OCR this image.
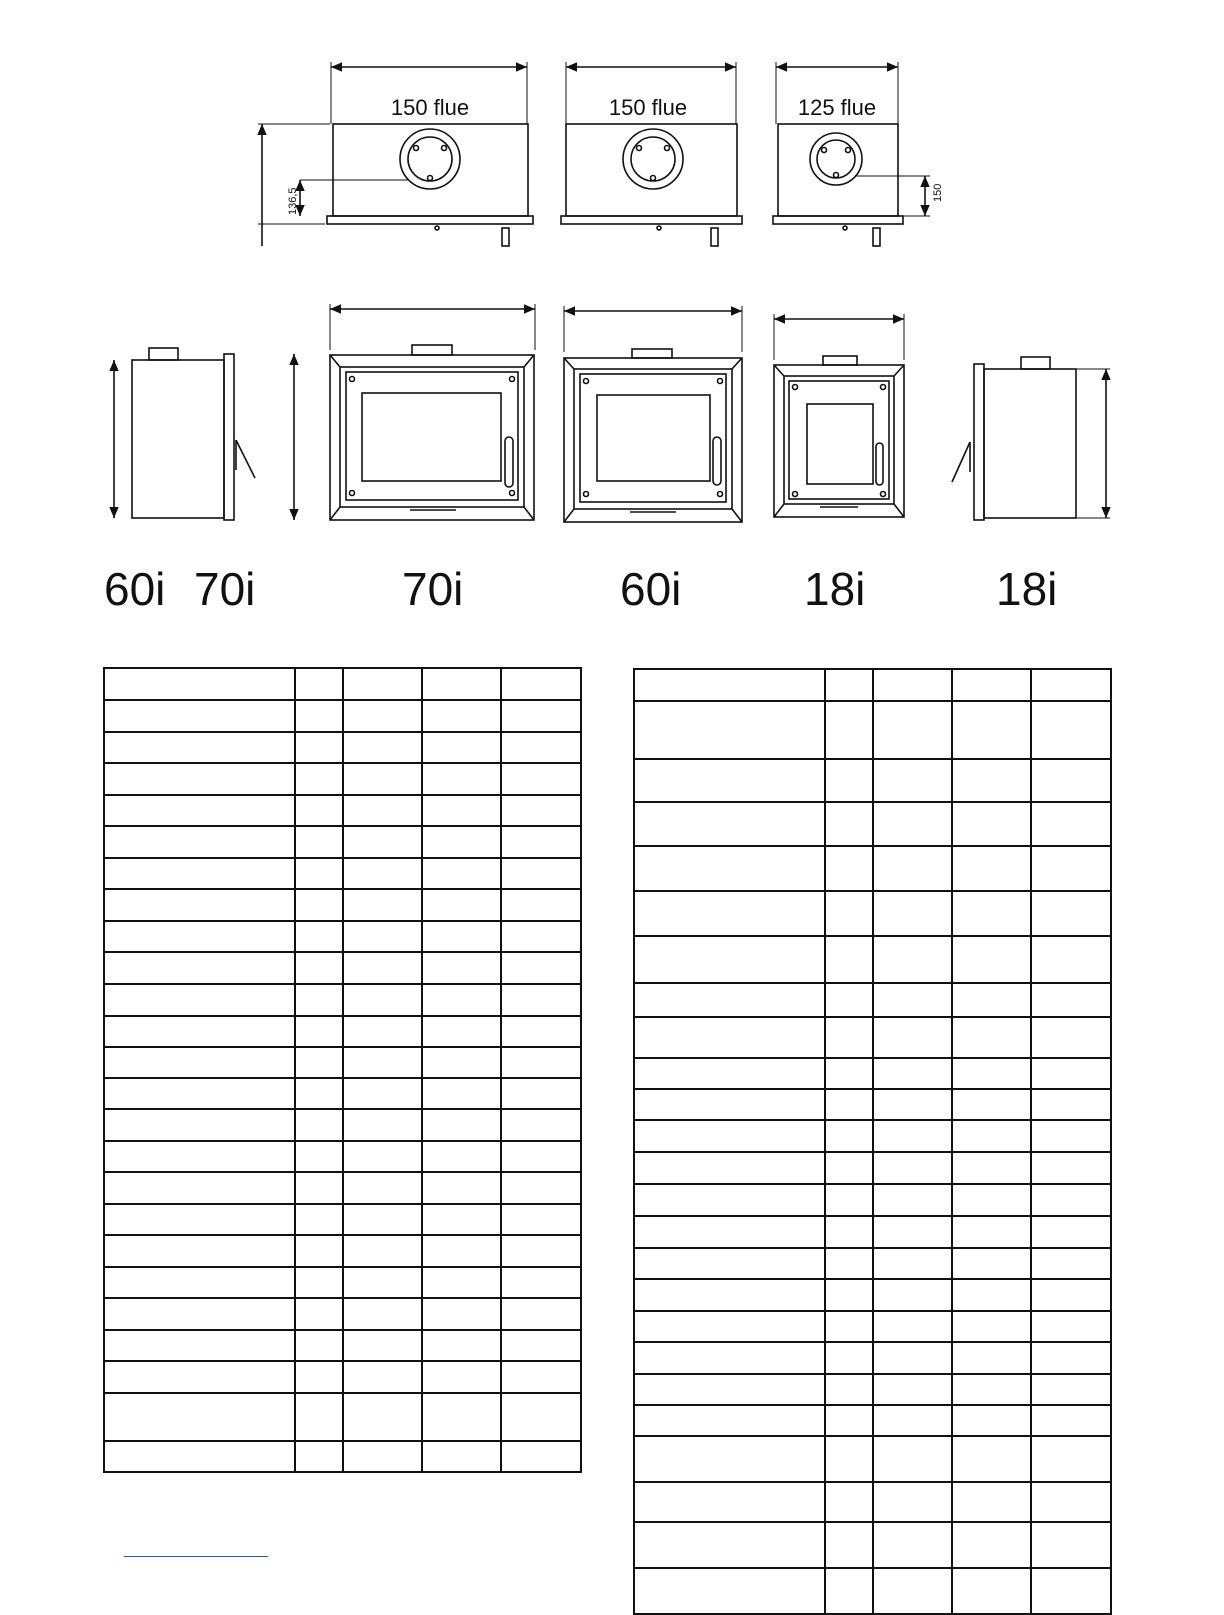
150 flue
136,5
150 flue	125 flue
150
60i 70i	70i	60i	18i	18i
